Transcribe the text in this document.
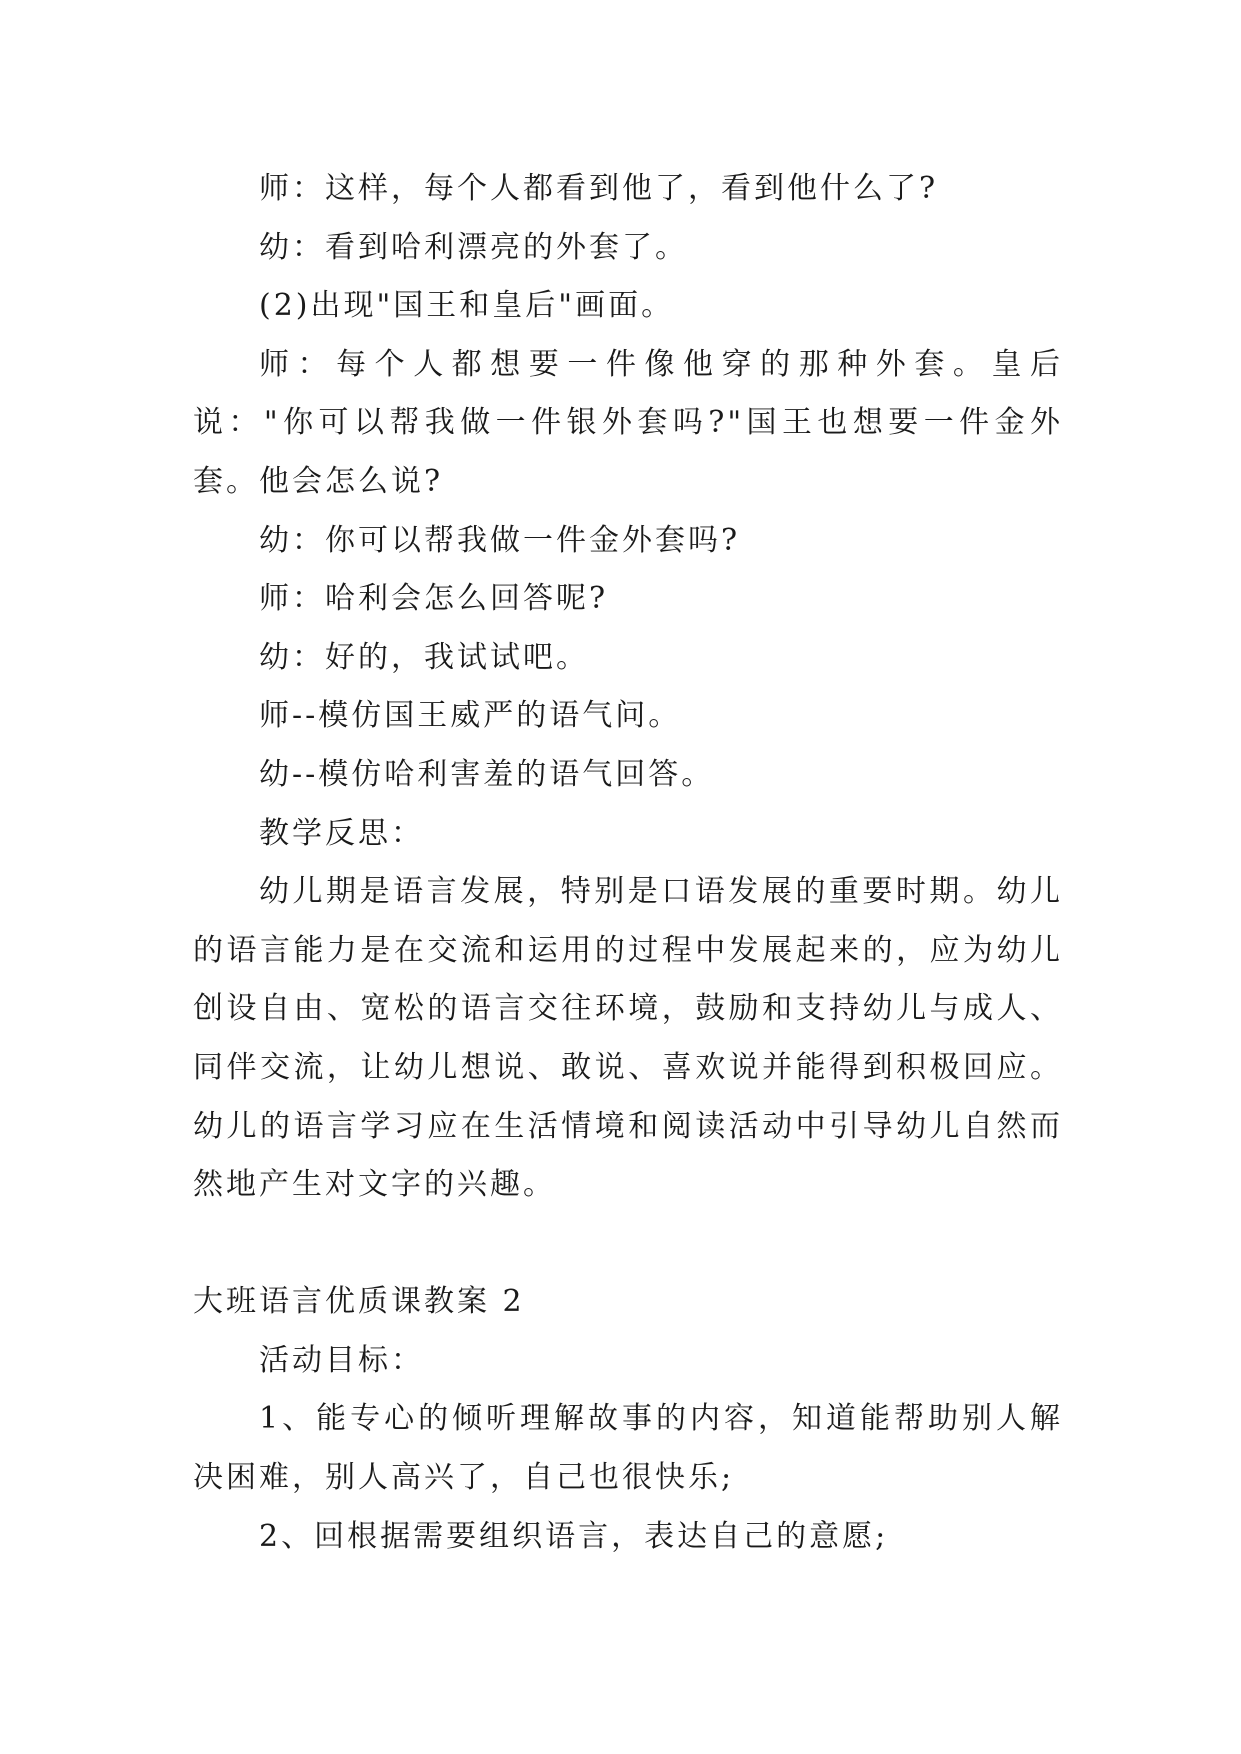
师：这样，每个人都看到他了，看到他什么了?

幼：看到哈利漂亮的外套了。

(2)出现"国王和皇后"画面。

师：每个人都想要一件像他穿的那种外套。皇后说："你可以帮我做一件银外套吗?"国王也想要一件金外套。他会怎么说?

幼：你可以帮我做一件金外套吗?

师：哈利会怎么回答呢?

幼：好的，我试试吧。

师--模仿国王威严的语气问。

幼--模仿哈利害羞的语气回答。

教学反思：

幼儿期是语言发展，特别是口语发展的重要时期。幼儿的语言能力是在交流和运用的过程中发展起来的，应为幼儿创设自由、宽松的语言交往环境，鼓励和支持幼儿与成人、同伴交流，让幼儿想说、敢说、喜欢说并能得到积极回应。幼儿的语言学习应在生活情境和阅读活动中引导幼儿自然而然地产生对文字的兴趣。

大班语言优质课教案 2

活动目标：

1、能专心的倾听理解故事的内容，知道能帮助别人解决困难，别人高兴了，自己也很快乐;

2、回根据需要组织语言，表达自己的意愿;
